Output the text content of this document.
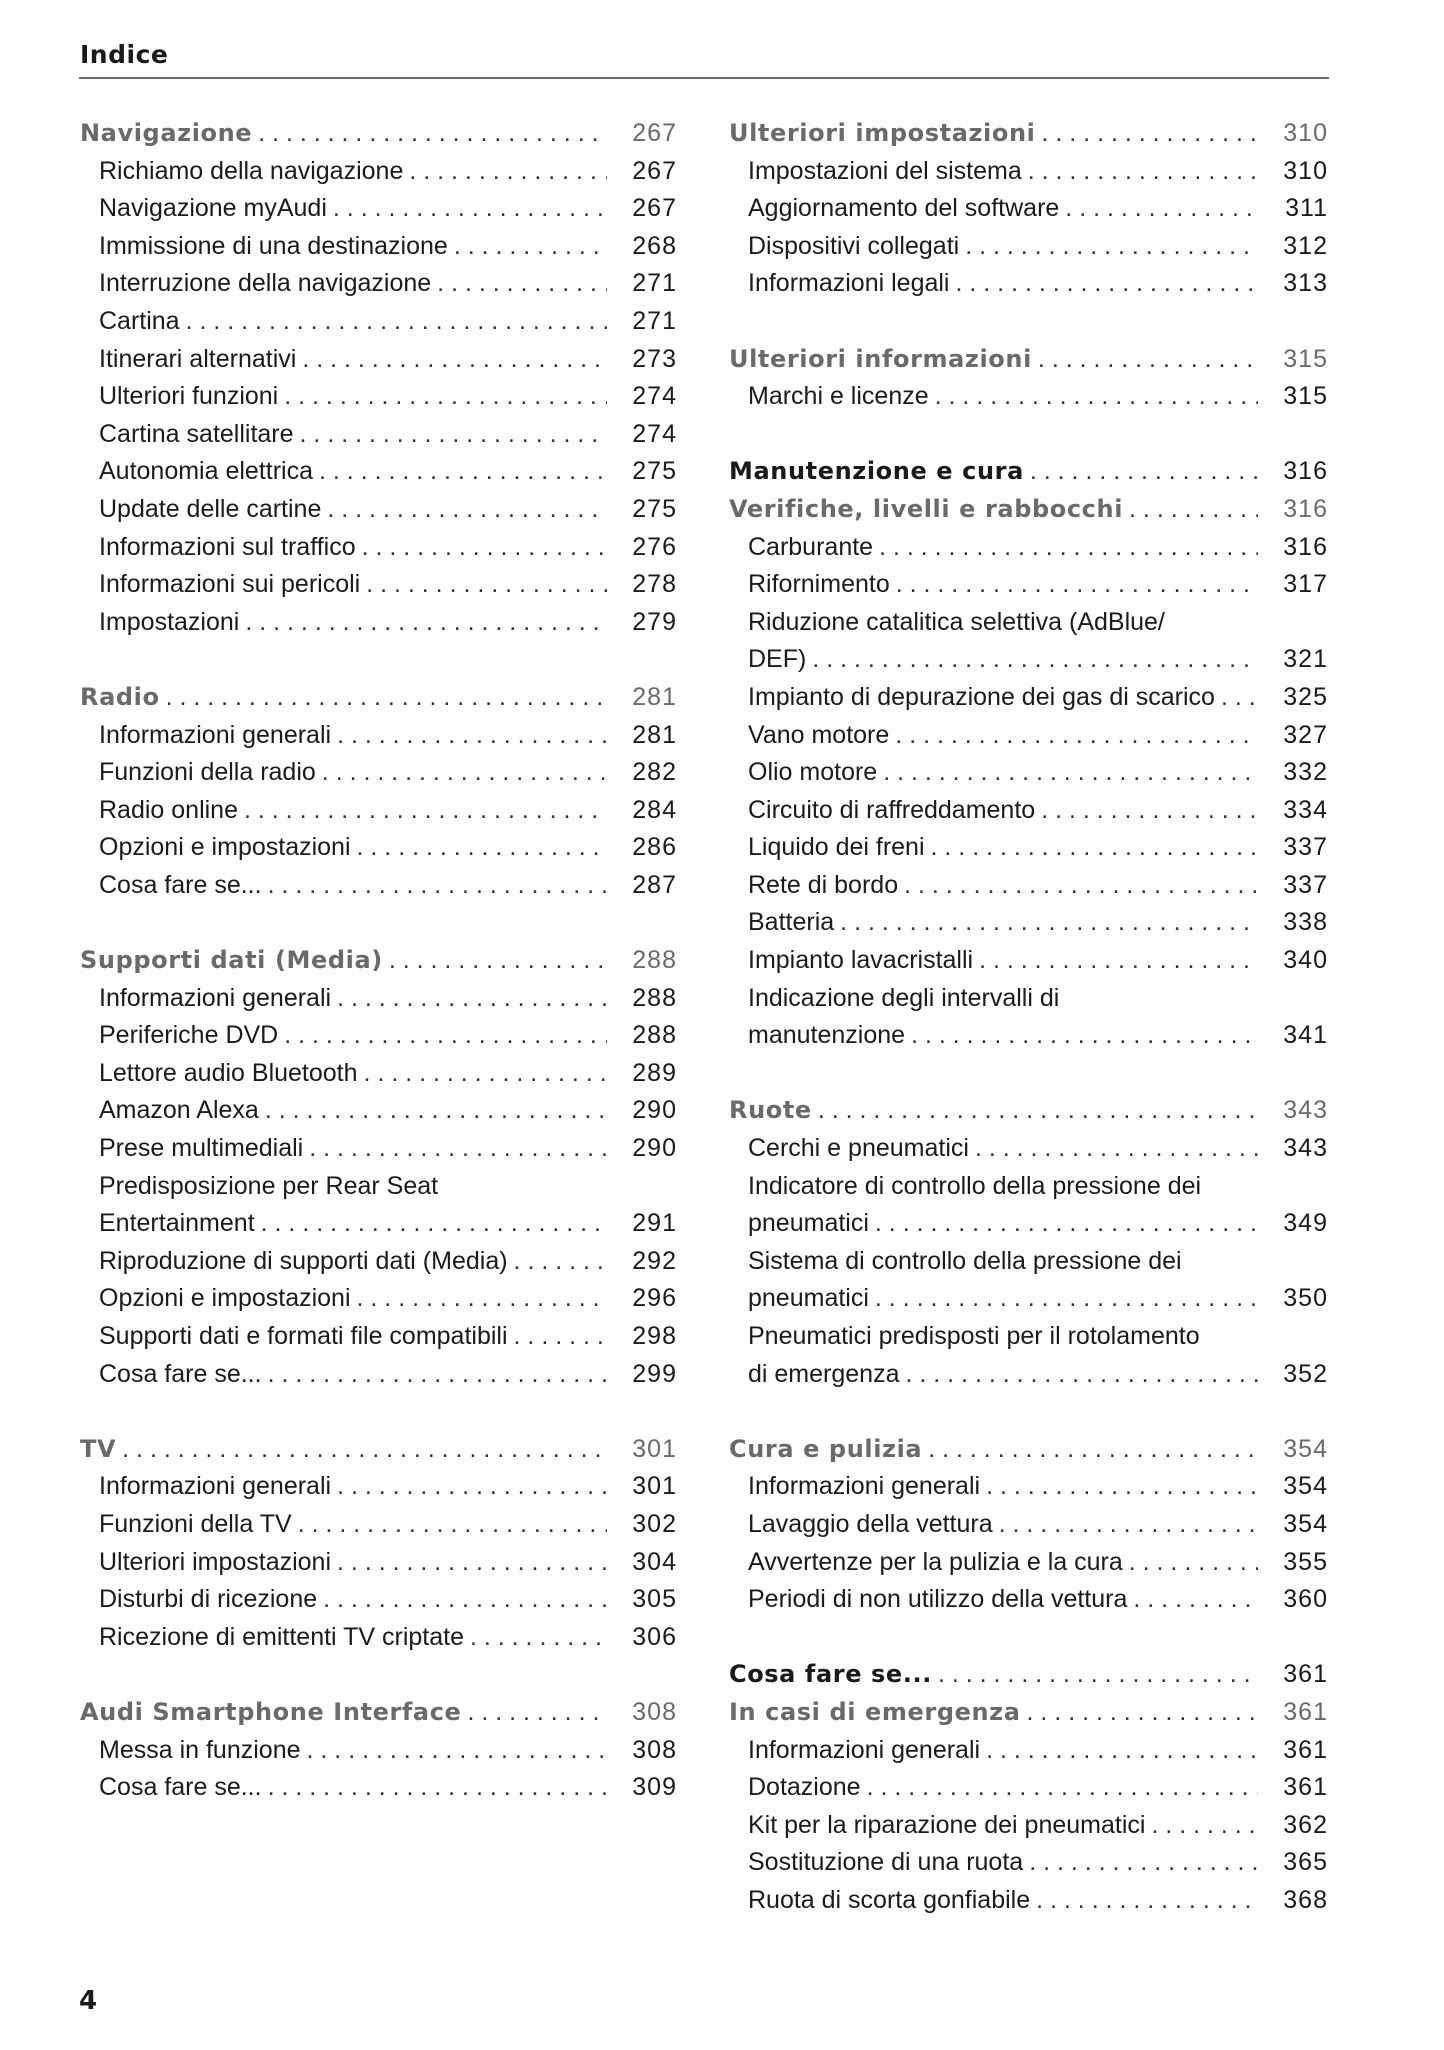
Indice
Navigazione . . .	267
Richiamo della navigazione . . .	267
Navigazione myAudi . . .	267
Immissione di una destinazione . . .	268
Interruzione della navigazione . . .	271
Cartina . . .	271
Itinerari alternativi . . .	273
Ulteriori funzioni . . .	274
Cartina satellitare . . .	274
Autonomia elettrica . . .	275
Update delle cartine . . .	275
Informazioni sul traffico . . .	276
Informazioni sui pericoli . . .	278
Impostazioni . . .	279
Radio . . .	281
Informazioni generali . . .	281
Funzioni della radio . . .	282
Radio online . . .	284
Opzioni e impostazioni . . .	286
Cosa fare se... . . .	287
Supporti dati (Media) . . .	288
Informazioni generali . . .	288
Periferiche DVD . . .	288
Lettore audio Bluetooth . . .	289
Amazon Alexa . . .	290
Prese multimediali . . .	290
Predisposizione per Rear Seat
Entertainment . . .	291
Riproduzione di supporti dati (Media) . . .	292
Opzioni e impostazioni . . .	296
Supporti dati e formati file compatibili . . .	298
Cosa fare se... . . .	299
TV . . .	301
Informazioni generali . . .	301
Funzioni della TV . . .	302
Ulteriori impostazioni . . .	304
Disturbi di ricezione . . .	305
Ricezione di emittenti TV criptate . . .	306
Audi Smartphone Interface . . .	308
Messa in funzione . . .	308
Cosa fare se... . . .	309
Ulteriori impostazioni . . .	310
Impostazioni del sistema . . .	310
Aggiornamento del software . . .	311
Dispositivi collegati . . .	312
Informazioni legali . . .	313
Ulteriori informazioni . . .	315
Marchi e licenze . . .	315
Manutenzione e cura . . .	316
Verifiche, livelli e rabbocchi . . .	316
Carburante . . .	316
Rifornimento . . .	317
Riduzione catalitica selettiva (AdBlue/
DEF) . . .	321
Impianto di depurazione dei gas di scarico . . .	325
Vano motore . . .	327
Olio motore . . .	332
Circuito di raffreddamento . . .	334
Liquido dei freni . . .	337
Rete di bordo . . .	337
Batteria . . .	338
Impianto lavacristalli . . .	340
Indicazione degli intervalli di
manutenzione . . .	341
Ruote . . .	343
Cerchi e pneumatici . . .	343
Indicatore di controllo della pressione dei
pneumatici . . .	349
Sistema di controllo della pressione dei
pneumatici . . .	350
Pneumatici predisposti per il rotolamento
di emergenza . . .	352
Cura e pulizia . . .	354
Informazioni generali . . .	354
Lavaggio della vettura . . .	354
Avvertenze per la pulizia e la cura . . .	355
Periodi di non utilizzo della vettura . . .	360
Cosa fare se... . . .	361
In casi di emergenza . . .	361
Informazioni generali . . .	361
Dotazione . . .	361
Kit per la riparazione dei pneumatici . . .	362
Sostituzione di una ruota . . .	365
Ruota di scorta gonfiabile . . .	368
4
